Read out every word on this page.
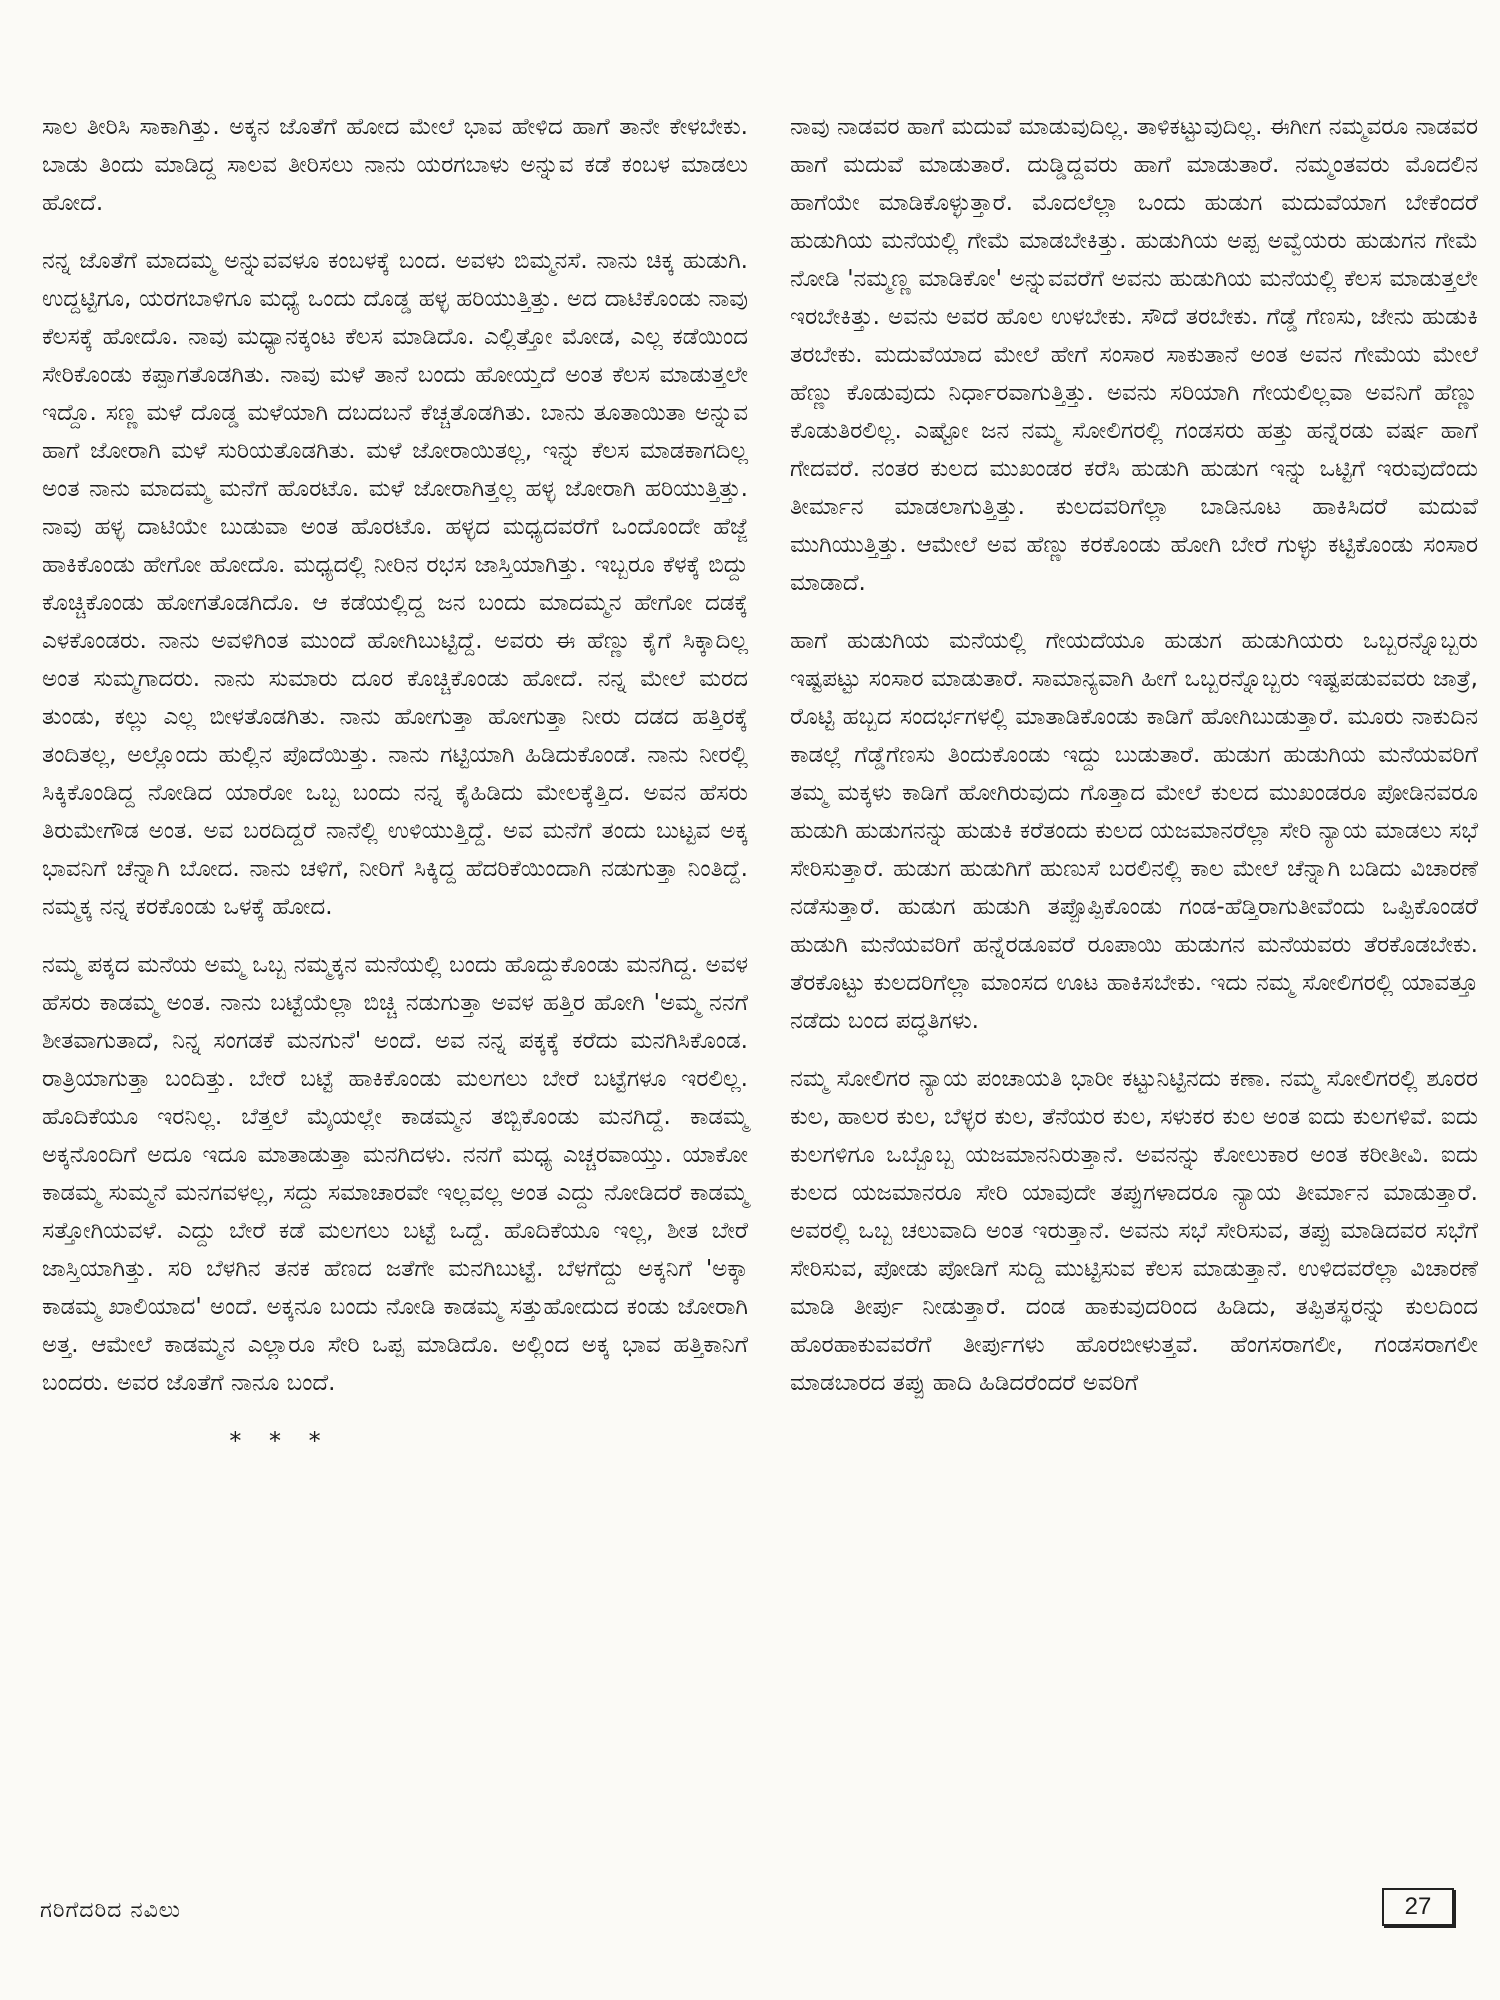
ಸಾಲ ತೀರಿಸಿ ಸಾಕಾಗಿತ್ತು. ಅಕ್ಕನ ಜೊತೆಗೆ ಹೋದ ಮೇಲೆ ಭಾವ ಹೇಳಿದ ಹಾಗೆ ತಾನೇ ಕೇಳಬೇಕು. ಬಾಡು ತಿಂದು ಮಾಡಿದ್ದ ಸಾಲವ ತೀರಿಸಲು ನಾನು ಯರಗಬಾಳು ಅನ್ನುವ ಕಡೆ ಕಂಬಳ ಮಾಡಲು ಹೋದೆ.

ನನ್ನ ಜೊತೆಗೆ ಮಾದಮ್ಮ ಅನ್ನುವವಳೂ ಕಂಬಳಕ್ಕೆ ಬಂದ. ಅವಳು ಬಿಮ್ಮನಸೆ. ನಾನು ಚಿಕ್ಕ ಹುಡುಗಿ. ಉದ್ದಟ್ಟಿಗೂ, ಯರಗಬಾಳಿಗೂ ಮಧ್ಯೆ ಒಂದು ದೊಡ್ಡ ಹಳ್ಳ ಹರಿಯುತ್ತಿತ್ತು. ಅದ ದಾಟಿಕೊಂಡು ನಾವು ಕೆಲಸಕ್ಕೆ ಹೋದೊ. ನಾವು ಮಧ್ಯಾನಕ್ಕಂಟ ಕೆಲಸ ಮಾಡಿದೊ. ಎಲ್ಲಿತ್ತೋ ಮೋಡ, ಎಲ್ಲ ಕಡೆಯಿಂದ ಸೇರಿಕೊಂಡು ಕಪ್ಪಾಗತೊಡಗಿತು. ನಾವು ಮಳೆ ತಾನೆ ಬಂದು ಹೋಯ್ತದೆ ಅಂತ ಕೆಲಸ ಮಾಡುತ್ತಲೇ ಇದ್ದೊ. ಸಣ್ಣ ಮಳೆ ದೊಡ್ಡ ಮಳೆಯಾಗಿ ದಬದಬನೆ ಕೆಚ್ಚತೊಡಗಿತು. ಬಾನು ತೂತಾಯಿತಾ ಅನ್ನುವ ಹಾಗೆ ಜೋರಾಗಿ ಮಳೆ ಸುರಿಯತೊಡಗಿತು. ಮಳೆ ಜೋರಾಯಿತಲ್ಲ, ಇನ್ನು ಕೆಲಸ ಮಾಡಕಾಗದಿಲ್ಲ ಅಂತ ನಾನು ಮಾದಮ್ಮ ಮನೆಗೆ ಹೊರಟೊ. ಮಳೆ ಜೋರಾಗಿತ್ತಲ್ಲ ಹಳ್ಳ ಜೋರಾಗಿ ಹರಿಯುತ್ತಿತ್ತು. ನಾವು ಹಳ್ಳ ದಾಟಿಯೇ ಬುಡುವಾ ಅಂತ ಹೊರಟೊ. ಹಳ್ಳದ ಮಧ್ಯದವರೆಗೆ ಒಂದೊಂದೇ ಹೆಜ್ಜೆ ಹಾಕಿಕೊಂಡು ಹೇಗೋ ಹೋದೊ. ಮಧ್ಯದಲ್ಲಿ ನೀರಿನ ರಭಸ ಜಾಸ್ತಿಯಾಗಿತ್ತು. ಇಬ್ಬರೂ ಕೆಳಕ್ಕೆ ಬಿದ್ದು ಕೊಚ್ಚಿಕೊಂಡು ಹೋಗತೊಡಗಿದೊ. ಆ ಕಡೆಯಲ್ಲಿದ್ದ ಜನ ಬಂದು ಮಾದಮ್ಮನ ಹೇಗೋ ದಡಕ್ಕೆ ಎಳಕೊಂಡರು. ನಾನು ಅವಳಿಗಿಂತ ಮುಂದೆ ಹೋಗಿಬುಟ್ಟಿದ್ದೆ. ಅವರು ಈ ಹೆಣ್ಣು ಕೈಗೆ ಸಿಕ್ಕಾದಿಲ್ಲ ಅಂತ ಸುಮ್ಮಗಾದರು. ನಾನು ಸುಮಾರು ದೂರ ಕೊಚ್ಚಿಕೊಂಡು ಹೋದೆ. ನನ್ನ ಮೇಲೆ ಮರದ ತುಂಡು, ಕಲ್ಲು ಎಲ್ಲ ಬೀಳತೊಡಗಿತು. ನಾನು ಹೋಗುತ್ತಾ ಹೋಗುತ್ತಾ ನೀರು ದಡದ ಹತ್ತಿರಕ್ಕೆ ತಂದಿತಲ್ಲ, ಅಲ್ಲೊಂದು ಹುಲ್ಲಿನ ಪೊದೆಯಿತ್ತು. ನಾನು ಗಟ್ಟಿಯಾಗಿ ಹಿಡಿದುಕೊಂಡೆ. ನಾನು ನೀರಲ್ಲಿ ಸಿಕ್ಕಿಕೊಂಡಿದ್ದ ನೋಡಿದ ಯಾರೋ ಒಬ್ಬ ಬಂದು ನನ್ನ ಕೈಹಿಡಿದು ಮೇಲಕ್ಕೆತ್ತಿದ. ಅವನ ಹೆಸರು ತಿರುಮೇಗೌಡ ಅಂತ. ಅವ ಬರದಿದ್ದರೆ ನಾನೆಲ್ಲಿ ಉಳಿಯುತ್ತಿದ್ದೆ. ಅವ ಮನೆಗೆ ತಂದು ಬುಟ್ಟವ ಅಕ್ಕ ಭಾವನಿಗೆ ಚೆನ್ನಾಗಿ ಬೋದ. ನಾನು ಚಳಿಗೆ, ನೀರಿಗೆ ಸಿಕ್ಕಿದ್ದ ಹೆದರಿಕೆಯಿಂದಾಗಿ ನಡುಗುತ್ತಾ ನಿಂತಿದ್ದೆ. ನಮ್ಮಕ್ಕ ನನ್ನ ಕರಕೊಂಡು ಒಳಕ್ಕೆ ಹೋದ.

ನಮ್ಮ ಪಕ್ಕದ ಮನೆಯ ಅಮ್ಮ ಒಬ್ಬ ನಮ್ಮಕ್ಕನ ಮನೆಯಲ್ಲಿ ಬಂದು ಹೊದ್ದುಕೊಂಡು ಮನಗಿದ್ದ. ಅವಳ ಹೆಸರು ಕಾಡಮ್ಮ ಅಂತ. ನಾನು ಬಟ್ಟೆಯೆಲ್ಲಾ ಬಿಚ್ಚಿ ನಡುಗುತ್ತಾ ಅವಳ ಹತ್ತಿರ ಹೋಗಿ 'ಅಮ್ಮ ನನಗೆ ಶೀತವಾಗುತಾದೆ, ನಿನ್ನ ಸಂಗಡಕೆ ಮನಗುನೆ' ಅಂದೆ. ಅವ ನನ್ನ ಪಕ್ಕಕ್ಕೆ ಕರೆದು ಮನಗಿಸಿಕೊಂಡ. ರಾತ್ರಿಯಾಗುತ್ತಾ ಬಂದಿತ್ತು. ಬೇರೆ ಬಟ್ಟೆ ಹಾಕಿಕೊಂಡು ಮಲಗಲು ಬೇರೆ ಬಟ್ಟೆಗಳೂ ಇರಲಿಲ್ಲ. ಹೊದಿಕೆಯೂ ಇರನಿಲ್ಲ. ಬೆತ್ತಲೆ ಮೈಯಲ್ಲೇ ಕಾಡಮ್ಮನ ತಬ್ಬಿಕೊಂಡು ಮನಗಿದ್ದೆ. ಕಾಡಮ್ಮ ಅಕ್ಕನೊಂದಿಗೆ ಅದೂ ಇದೂ ಮಾತಾಡುತ್ತಾ ಮನಗಿದಳು. ನನಗೆ ಮಧ್ಯ ಎಚ್ಚರವಾಯ್ತು. ಯಾಕೋ ಕಾಡಮ್ಮ ಸುಮ್ಮನೆ ಮನಗವಳಲ್ಲ, ಸದ್ದು ಸಮಾಚಾರವೇ ಇಲ್ಲವಲ್ಲ ಅಂತ ಎದ್ದು ನೋಡಿದರೆ ಕಾಡಮ್ಮ ಸತ್ತೋಗಿಯವಳೆ. ಎದ್ದು ಬೇರೆ ಕಡೆ ಮಲಗಲು ಬಟ್ಟೆ ಒದ್ದೆ. ಹೊದಿಕೆಯೂ ಇಲ್ಲ, ಶೀತ ಬೇರೆ ಜಾಸ್ತಿಯಾಗಿತ್ತು. ಸರಿ ಬೆಳಗಿನ ತನಕ ಹೆಣದ ಜತೆಗೇ ಮನಗಿಬುಟ್ಟೆ. ಬೆಳಗೆದ್ದು ಅಕ್ಕನಿಗೆ 'ಅಕ್ಕಾ ಕಾಡಮ್ಮ ಖಾಲಿಯಾದ' ಅಂದೆ. ಅಕ್ಕನೂ ಬಂದು ನೋಡಿ ಕಾಡಮ್ಮ ಸತ್ತುಹೋದುದ ಕಂಡು ಜೋರಾಗಿ ಅತ್ತ. ಆಮೇಲೆ ಕಾಡಮ್ಮನ ಎಲ್ಲಾರೂ ಸೇರಿ ಒಪ್ಪ ಮಾಡಿದೊ. ಅಲ್ಲಿಂದ ಅಕ್ಕ ಭಾವ ಹತ್ತಿಕಾನಿಗೆ ಬಂದರು. ಅವರ ಜೊತೆಗೆ ನಾನೂ ಬಂದೆ.

* * *

ನಾವು ನಾಡವರ ಹಾಗೆ ಮದುವೆ ಮಾಡುವುದಿಲ್ಲ. ತಾಳಿಕಟ್ಟುವುದಿಲ್ಲ. ಈಗೀಗ ನಮ್ಮವರೂ ನಾಡವರ ಹಾಗೆ ಮದುವೆ ಮಾಡುತಾರೆ. ದುಡ್ಡಿದ್ದವರು ಹಾಗೆ ಮಾಡುತಾರೆ. ನಮ್ಮಂತವರು ಮೊದಲಿನ ಹಾಗೆಯೇ ಮಾಡಿಕೊಳ್ಳುತ್ತಾರೆ. ಮೊದಲೆಲ್ಲಾ ಒಂದು ಹುಡುಗ ಮದುವೆಯಾಗ ಬೇಕೆಂದರೆ ಹುಡುಗಿಯ ಮನೆಯಲ್ಲಿ ಗೇಮೆ ಮಾಡಬೇಕಿತ್ತು. ಹುಡುಗಿಯ ಅಪ್ಪ ಅವ್ವೆಯರು ಹುಡುಗನ ಗೇಮೆ ನೋಡಿ 'ನಮ್ಮಣ್ಣ ಮಾಡಿಕೋ' ಅನ್ನುವವರೆಗೆ ಅವನು ಹುಡುಗಿಯ ಮನೆಯಲ್ಲಿ ಕೆಲಸ ಮಾಡುತ್ತಲೇ ಇರಬೇಕಿತ್ತು. ಅವನು ಅವರ ಹೊಲ ಉಳಬೇಕು. ಸೌದೆ ತರಬೇಕು. ಗೆಡ್ಡೆ ಗೆಣಸು, ಜೇನು ಹುಡುಕಿ ತರಬೇಕು. ಮದುವೆಯಾದ ಮೇಲೆ ಹೇಗೆ ಸಂಸಾರ ಸಾಕುತಾನೆ ಅಂತ ಅವನ ಗೇಮೆಯ ಮೇಲೆ ಹೆಣ್ಣು ಕೊಡುವುದು ನಿರ್ಧಾರವಾಗುತ್ತಿತ್ತು. ಅವನು ಸರಿಯಾಗಿ ಗೇಯಲಿಲ್ಲವಾ ಅವನಿಗೆ ಹೆಣ್ಣು ಕೊಡುತಿರಲಿಲ್ಲ. ಎಷ್ಟೋ ಜನ ನಮ್ಮ ಸೋಲಿಗರಲ್ಲಿ ಗಂಡಸರು ಹತ್ತು ಹನ್ನೆರಡು ವರ್ಷ ಹಾಗೆ ಗೇದವರೆ. ನಂತರ ಕುಲದ ಮುಖಂಡರ ಕರೆಸಿ ಹುಡುಗಿ ಹುಡುಗ ಇನ್ನು ಒಟ್ಟಿಗೆ ಇರುವುದೆಂದು ತೀರ್ಮಾನ ಮಾಡಲಾಗುತ್ತಿತ್ತು. ಕುಲದವರಿಗೆಲ್ಲಾ ಬಾಡಿನೂಟ ಹಾಕಿಸಿದರೆ ಮದುವೆ ಮುಗಿಯುತ್ತಿತ್ತು. ಆಮೇಲೆ ಅವ ಹೆಣ್ಣು ಕರಕೊಂಡು ಹೋಗಿ ಬೇರೆ ಗುಳ್ಳು ಕಟ್ಟಿಕೊಂಡು ಸಂಸಾರ ಮಾಡಾದೆ.

ಹಾಗೆ ಹುಡುಗಿಯ ಮನೆಯಲ್ಲಿ ಗೇಯದೆಯೂ ಹುಡುಗ ಹುಡುಗಿಯರು ಒಬ್ಬರನ್ನೊಬ್ಬರು ಇಷ್ಟಪಟ್ಟು ಸಂಸಾರ ಮಾಡುತಾರೆ. ಸಾಮಾನ್ಯವಾಗಿ ಹೀಗೆ ಒಬ್ಬರನ್ನೊಬ್ಬರು ಇಷ್ಟಪಡುವವರು ಜಾತ್ರೆ, ರೊಟ್ಟಿ ಹಬ್ಬದ ಸಂದರ್ಭಗಳಲ್ಲಿ ಮಾತಾಡಿಕೊಂಡು ಕಾಡಿಗೆ ಹೋಗಿಬುಡುತ್ತಾರೆ. ಮೂರು ನಾಕುದಿನ ಕಾಡಲ್ಲೆ ಗೆಡ್ಡೆಗೆಣಸು ತಿಂದುಕೊಂಡು ಇದ್ದು ಬುಡುತಾರೆ. ಹುಡುಗ ಹುಡುಗಿಯ ಮನೆಯವರಿಗೆ ತಮ್ಮ ಮಕ್ಕಳು ಕಾಡಿಗೆ ಹೋಗಿರುವುದು ಗೊತ್ತಾದ ಮೇಲೆ ಕುಲದ ಮುಖಂಡರೂ ಪೋಡಿನವರೂ ಹುಡುಗಿ ಹುಡುಗನನ್ನು ಹುಡುಕಿ ಕರೆತಂದು ಕುಲದ ಯಜಮಾನರೆಲ್ಲಾ ಸೇರಿ ನ್ಯಾಯ ಮಾಡಲು ಸಭೆ ಸೇರಿಸುತ್ತಾರೆ. ಹುಡುಗ ಹುಡುಗಿಗೆ ಹುಣುಸೆ ಬರಲಿನಲ್ಲಿ ಕಾಲ ಮೇಲೆ ಚೆನ್ನಾಗಿ ಬಡಿದು ವಿಚಾರಣೆ ನಡೆಸುತ್ತಾರೆ. ಹುಡುಗ ಹುಡುಗಿ ತಪ್ಪೊಪ್ಪಿಕೊಂಡು ಗಂಡ-ಹೆಡ್ತಿರಾಗುತೀವೆಂದು ಒಪ್ಪಿಕೊಂಡರೆ ಹುಡುಗಿ ಮನೆಯವರಿಗೆ ಹನ್ನೆರಡೂವರೆ ರೂಪಾಯಿ ಹುಡುಗನ ಮನೆಯವರು ತೆರಕೊಡಬೇಕು. ತೆರಕೊಟ್ಟು ಕುಲದರಿಗೆಲ್ಲಾ ಮಾಂಸದ ಊಟ ಹಾಕಿಸಬೇಕು. ಇದು ನಮ್ಮ ಸೋಲಿಗರಲ್ಲಿ ಯಾವತ್ತೂ ನಡೆದು ಬಂದ ಪದ್ಧತಿಗಳು.

ನಮ್ಮ ಸೋಲಿಗರ ನ್ಯಾಯ ಪಂಚಾಯತಿ ಭಾರೀ ಕಟ್ಟುನಿಟ್ಟಿನದು ಕಣಾ. ನಮ್ಮ ಸೋಲಿಗರಲ್ಲಿ ಶೂರರ ಕುಲ, ಹಾಲರ ಕುಲ, ಬೆಳ್ಳರ ಕುಲ, ತೆನೆಯರ ಕುಲ, ಸಳುಕರ ಕುಲ ಅಂತ ಐದು ಕುಲಗಳಿವೆ. ಐದು ಕುಲಗಳಿಗೂ ಒಬ್ಬೊಬ್ಬ ಯಜಮಾನನಿರುತ್ತಾನೆ. ಅವನನ್ನು ಕೋಲುಕಾರ ಅಂತ ಕರೀತೀವಿ. ಐದು ಕುಲದ ಯಜಮಾನರೂ ಸೇರಿ ಯಾವುದೇ ತಪ್ಪುಗಳಾದರೂ ನ್ಯಾಯ ತೀರ್ಮಾನ ಮಾಡುತ್ತಾರೆ. ಅವರಲ್ಲಿ ಒಬ್ಬ ಚಲುವಾದಿ ಅಂತ ಇರುತ್ತಾನೆ. ಅವನು ಸಭೆ ಸೇರಿಸುವ, ತಪ್ಪು ಮಾಡಿದವರ ಸಭೆಗೆ ಸೇರಿಸುವ, ಪೋಡು ಪೋಡಿಗೆ ಸುದ್ದಿ ಮುಟ್ಟಿಸುವ ಕೆಲಸ ಮಾಡುತ್ತಾನೆ. ಉಳಿದವರೆಲ್ಲಾ ವಿಚಾರಣೆ ಮಾಡಿ ತೀರ್ಪು ನೀಡುತ್ತಾರೆ. ದಂಡ ಹಾಕುವುದರಿಂದ ಹಿಡಿದು, ತಪ್ಪಿತಸ್ಥರನ್ನು ಕುಲದಿಂದ ಹೊರಹಾಕುವವರೆಗೆ ತೀರ್ಪುಗಳು ಹೊರಬೀಳುತ್ತವೆ. ಹೆಂಗಸರಾಗಲೀ, ಗಂಡಸರಾಗಲೀ ಮಾಡಬಾರದ ತಪ್ಪು ಹಾದಿ ಹಿಡಿದರೆಂದರೆ ಅವರಿಗೆ

ಗರಿಗೆದರಿದ ನವಿಲು	27
